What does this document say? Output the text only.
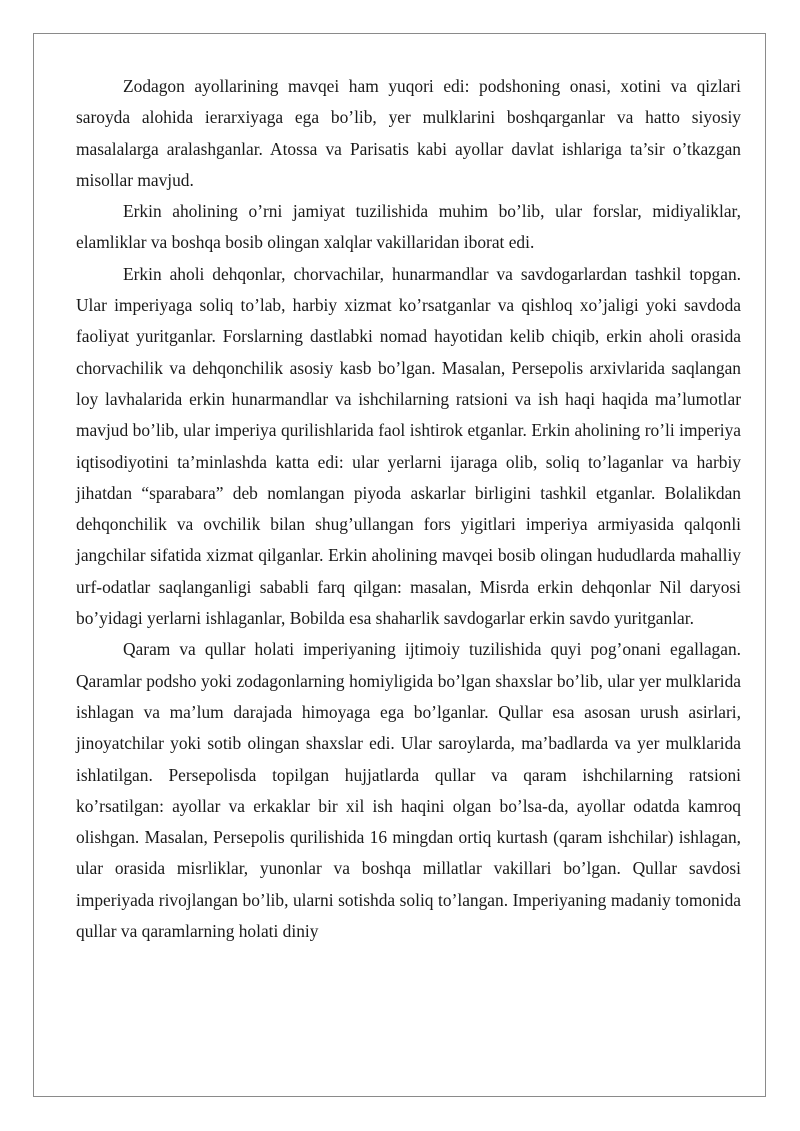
Zodagon ayollarining mavqei ham yuqori edi: podshoning onasi, xotini va qizlari saroyda alohida ierarxiyaga ega bo’lib, yer mulklarini boshqarganlar va hatto siyosiy masalalarga aralashganlar. Atossa va Parisatis kabi ayollar davlat ishlariga ta’sir o’tkazgan misollar mavjud.

Erkin aholining o’rni jamiyat tuzilishida muhim bo’lib, ular forslar, midiyaliklar, elamliklar va boshqa bosib olingan xalqlar vakillaridan iborat edi.

Erkin aholi dehqonlar, chorvachilar, hunarmandlar va savdogarlardan tashkil topgan. Ular imperiyaga soliq to’lab, harbiy xizmat ko’rsatganlar va qishloq xo’jaligi yoki savdoda faoliyat yuritganlar. Forslarning dastlabki nomad hayotidan kelib chiqib, erkin aholi orasida chorvachilik va dehqonchilik asosiy kasb bo’lgan. Masalan, Persepolis arxivlarida saqlangan loy lavhalarida erkin hunarmandlar va ishchilarning ratsioni va ish haqi haqida ma’lumotlar mavjud bo’lib, ular imperiya qurilishlarida faol ishtirok etganlar. Erkin aholining ro’li imperiya iqtisodiyotini ta’minlashda katta edi: ular yerlarni ijaraga olib, soliq to’laganlar va harbiy jihatdan “sparabara” deb nomlangan piyoda askarlar birligini tashkil etganlar. Bolalikdan dehqonchilik va ovchilik bilan shug’ullangan fors yigitlari imperiya armiyasida qalqonli jangchilar sifatida xizmat qilganlar. Erkin aholining mavqei bosib olingan hududlarda mahalliy urf-odatlar saqlanganligi sababli farq qilgan: masalan, Misrda erkin dehqonlar Nil daryosi bo’yidagi yerlarni ishlaganlar, Bobilda esa shaharlik savdogarlar erkin savdo yuritganlar.

Qaram va qullar holati imperiyaning ijtimoiy tuzilishida quyi pog’onani egallagan. Qaramlar podsho yoki zodagonlarning homiyligida bo’lgan shaxslar bo’lib, ular yer mulklarida ishlagan va ma’lum darajada himoyaga ega bo’lganlar. Qullar esa asosan urush asirlari, jinoyatchilar yoki sotib olingan shaxslar edi. Ular saroylarda, ma’badlarda va yer mulklarida ishlatilgan. Persepolisda topilgan hujjatlarda qullar va qaram ishchilarning ratsioni ko’rsatilgan: ayollar va erkaklar bir xil ish haqini olgan bo’lsa-da, ayollar odatda kamroq olishgan. Masalan, Persepolis qurilishida 16 mingdan ortiq kurtash (qaram ishchilar) ishlagan, ular orasida misrliklar, yunonlar va boshqa millatlar vakillari bo’lgan. Qullar savdosi imperiyada rivojlangan bo’lib, ularni sotishda soliq to’langan. Imperiyaning madaniy tomonida qullar va qaramlarning holati diniy
